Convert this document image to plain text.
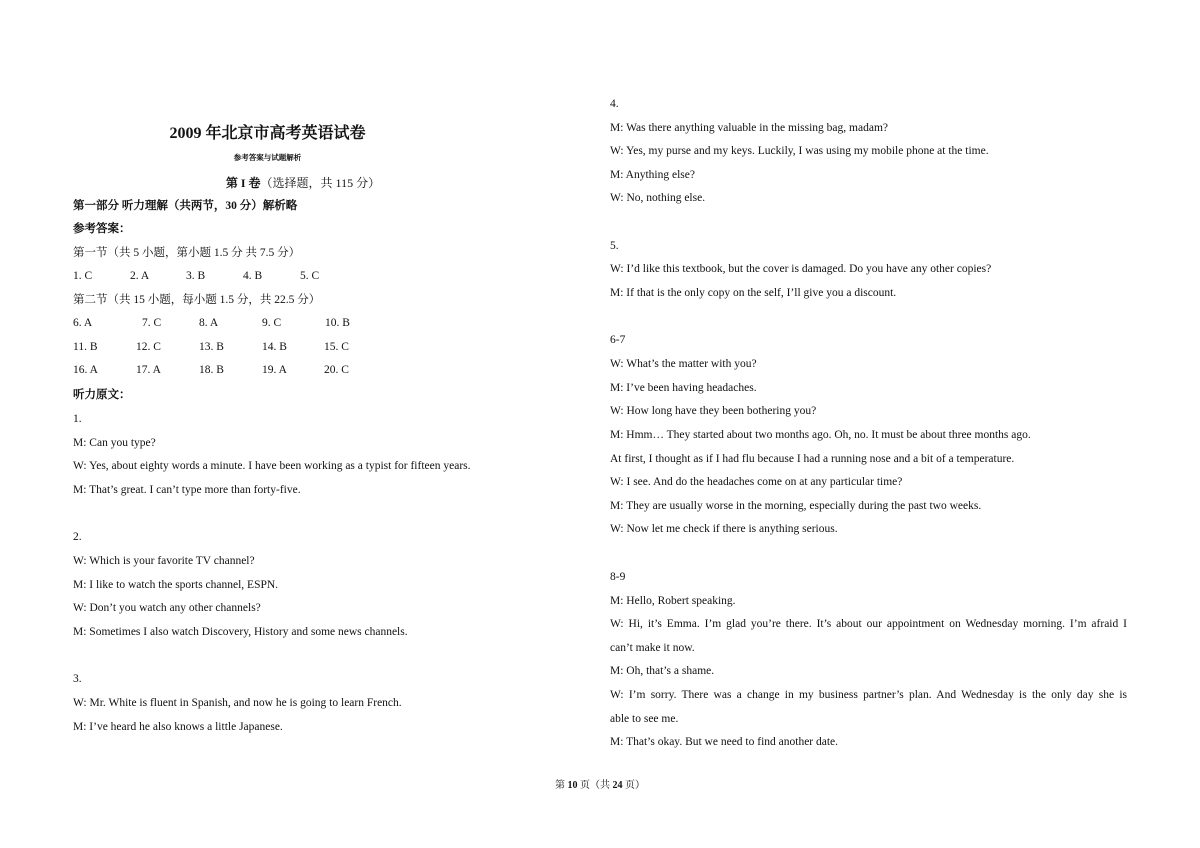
2009 年北京市高考英语试卷
参考答案与试题解析
第 I 卷（选择题，共 115 分）
第一部分 听力理解（共两节，30 分）解析略
参考答案：
第一节（共 5 小题，第小题 1.5 分 共 7.5 分）
1. C	2. A	3. B	4. B	5. C
第二节（共 15 小题，每小题 1.5 分，共 22.5 分）
6. A	7. C	8. A	9. C	10. B
11. B	12. C	13. B	14. B	15. C
16. A	17. A	18. B	19. A	20. C
听力原文：
1.
M: Can you type?
W: Yes, about eighty words a minute. I have been working as a typist for fifteen years.
M: That’s great. I can’t type more than forty-five.
2.
W: Which is your favorite TV channel?
M: I like to watch the sports channel, ESPN.
W: Don’t you watch any other channels?
M: Sometimes I also watch Discovery, History and some news channels.
3.
W: Mr. White is fluent in Spanish, and now he is going to learn French.
M: I’ve heard he also knows a little Japanese.
4.
M: Was there anything valuable in the missing bag, madam?
W: Yes, my purse and my keys. Luckily, I was using my mobile phone at the time.
M: Anything else?
W: No, nothing else.
5.
W: I’d like this textbook, but the cover is damaged. Do you have any other copies?
M: If that is the only copy on the self, I’ll give you a discount.
6-7
W: What’s the matter with you?
M: I’ve been having headaches.
W: How long have they been bothering you?
M: Hmm… They started about two months ago. Oh, no. It must be about three months ago.
At first, I thought as if I had flu because I had a running nose and a bit of a temperature.
W: I see. And do the headaches come on at any particular time?
M: They are usually worse in the morning, especially during the past two weeks.
W: Now let me check if there is anything serious.
8-9
M: Hello, Robert speaking.
W: Hi, it’s Emma. I’m glad you’re there. It’s about our appointment on Wednesday morning. I’m afraid I
can’t make it now.
M: Oh, that’s a shame.
W: I’m sorry. There was a change in my business partner’s plan. And Wednesday is the only day she is
able to see me.
M: That’s okay. But we need to find another date.
第 10 页（共 24 页）
